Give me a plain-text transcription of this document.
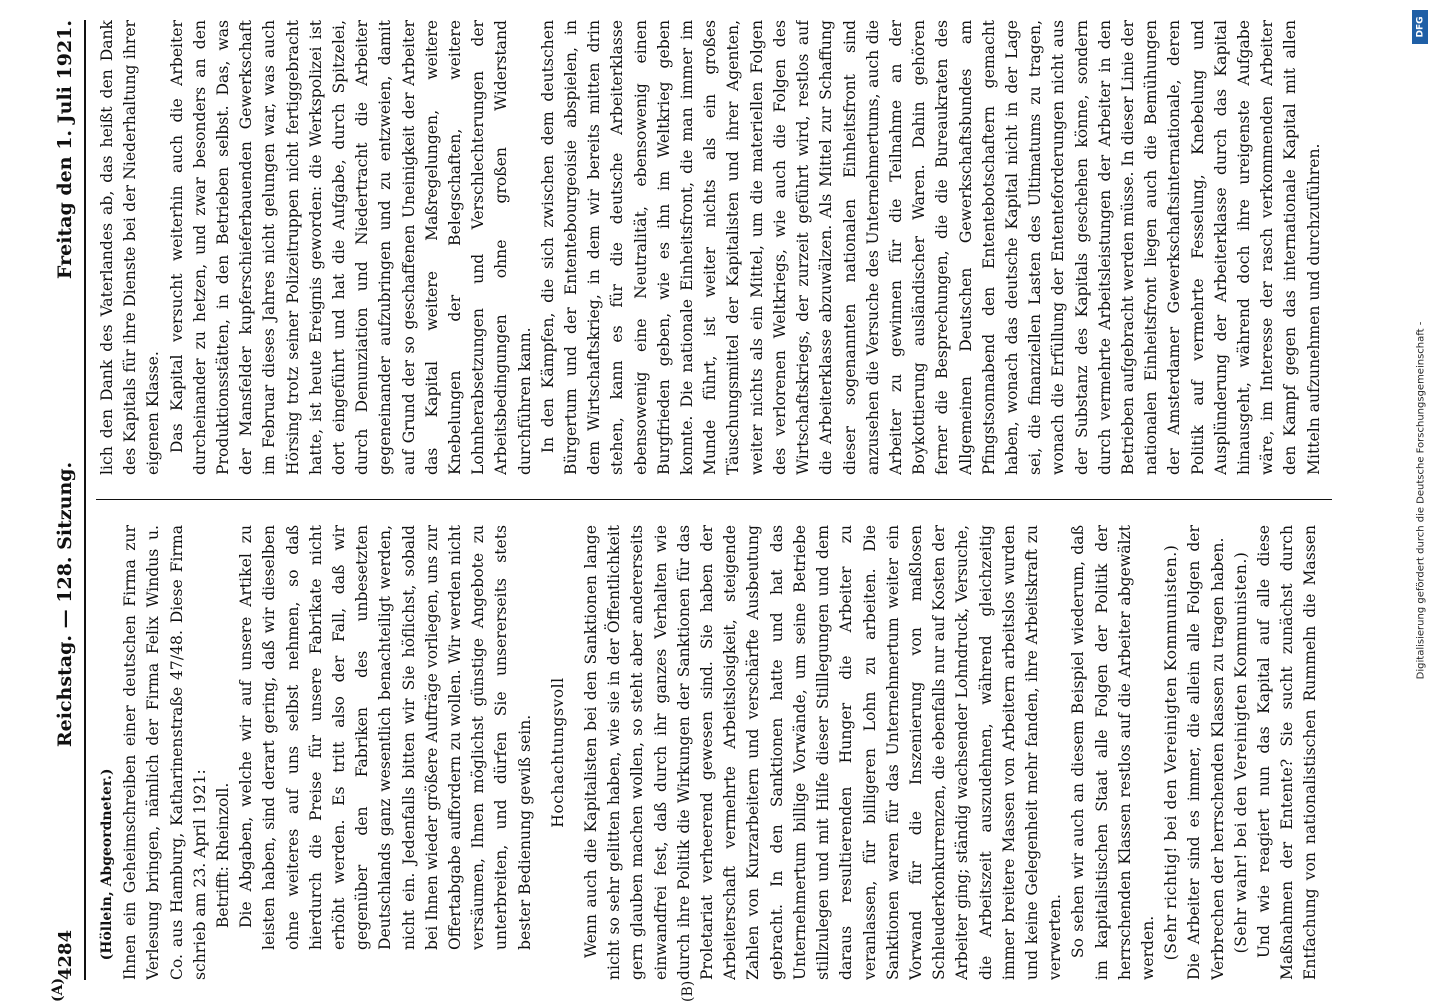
4284
Reichstag. — 128. Sitzung.
Freitag den 1. Juli 1921.
(A)	(B)

(Höllein, Abgeordneter.) Ihnen ein Geheimschreiben einer deutschen Firma zur Verlesung bringen, nämlich der Firma Felix Windus u. Co. aus Hamburg, Katharinenstraße 47/48. Diese Firma schrieb am 23. April 1921: Betrifft: Rheinzoll. Die Abgaben, welche wir auf unsere Artikel zu leisten haben, sind derart gering, daß wir dieselben ohne weiteres auf uns selbst nehmen, so daß hierdurch die Preise für unsere Fabrikate nicht erhöht werden. Es tritt also der Fall, daß wir gegenüber den Fabriken des unbesetzten Deutschlands ganz wesentlich benachteiligt werden, nicht ein. Jedenfalls bitten wir Sie höflichst, sobald bei Ihnen wieder größere Aufträge vorliegen, uns zur Offertabgabe auffordern zu wollen. Wir werden nicht versäumen, Ihnen möglichst günstige Angebote zu unterbreiten, und dürfen Sie unsererseits stets bester Bedienung gewiß sein. Hochachtungsvoll Wenn auch die Kapitalisten bei den Sanktionen lange nicht so sehr gelitten haben, wie sie in der Öffentlichkeit gern glauben machen wollen, so steht aber andererseits einwandfrei fest, daß durch ihr ganzes Verhalten wie durch ihre Politik die Wirkungen der Sanktionen für das Proletariat verheerend gewesen sind. Sie haben der Arbeiterschaft vermehrte Arbeitslosigkeit, steigende Zahlen von Kurzarbeitern und verschärfte Ausbeutung gebracht. In den Sanktionen hatte und hat das Unternehmertum billige Vorwände, um seine Betriebe stillzulegen und mit Hilfe dieser Stilllegungen und dem daraus resultierenden Hunger die Arbeiter zu veranlassen, für billigeren Lohn zu arbeiten. Die Sanktionen waren für das Unternehmertum weiter ein Vorwand für die Inszenierung von maßlosen Schleuderkonkurrenzen, die ebenfalls nur auf Kosten der Arbeiter ging; ständig wachsender Lohndruck, Versuche, die Arbeitszeit auszudehnen, während gleichzeitig immer breitere Massen von Arbeitern arbeitslos wurden und keine Gelegenheit mehr fanden, ihre Arbeitskraft zu verwerten. So sehen wir auch an diesem Beispiel wiederum, daß im kapitalistischen Staat alle Folgen der Politik der herrschenden Klassen restlos auf die Arbeiter abgewälzt werden. (Sehr richtig! bei den Vereinigten Kommunisten.) Die Arbeiter sind es immer, die allein alle Folgen der Verbrechen der herrschenden Klassen zu tragen haben. (Sehr wahr! bei den Vereinigten Kommunisten.) Und wie reagiert nun das Kapital auf alle diese Maßnahmen der Entente? Sie sucht zunächst durch Entfachung von nationalistischen Rummeln die Massen

lich den Dank des Vaterlandes ab, das heißt den Dank des Kapitals für ihre Dienste bei der Niederhaltung ihrer eigenen Klasse. Das Kapital versucht weiterhin auch die Arbeiter durcheinander zu hetzen, und zwar besonders an den Produktionsstätten, in den Betrieben selbst. Das, was der Mansfelder kupferschieferbauenden Gewerkschaft im Februar dieses Jahres nicht gelungen war, was auch Hörsing trotz seiner Polizeitruppen nicht fertiggebracht hatte, ist heute Ereignis geworden: die Werkspolizei ist dort eingeführt und hat die Aufgabe, durch Spitzelei, durch Denunziation und Niedertracht die Arbeiter gegeneinander aufzubringen und zu entzweien, damit auf Grund der so geschaffenen Uneinigkeit der Arbeiter das Kapital weitere Maßregelungen, weitere Knebelungen der Belegschaften, weitere Lohnherabsetzungen und Verschlechterungen der Arbeitsbedingungen ohne großen Widerstand durchführen kann. In den Kämpfen, die sich zwischen dem deutschen Bürgertum und der Ententebourgeoisie abspielen, in dem Wirtschaftskrieg, in dem wir bereits mitten drin stehen, kann es für die deutsche Arbeiterklasse ebensowenig eine Neutralität, ebensowenig einen Burgfrieden geben, wie es ihn im Weltkrieg geben konnte. Die nationale Einheitsfront, die man immer im Munde führt, ist weiter nichts als ein großes Täuschungsmittel der Kapitalisten und ihrer Agenten, weiter nichts als ein Mittel, um die materiellen Folgen des verlorenen Weltkriegs, wie auch die Folgen des Wirtschaftskriegs, der zurzeit geführt wird, restlos auf die Arbeiterklasse abzuwälzen. Als Mittel zur Schaffung dieser sogenannten nationalen Einheitsfront sind anzusehen die Versuche des Unternehmertums, auch die Arbeiter zu gewinnen für die Teilnahme an der Boykottierung ausländischer Waren. Dahin gehören ferner die Besprechungen, die die Bureaukraten des Allgemeinen Deutschen Gewerkschaftsbundes am Pfingstsonnabend den Ententebotschaftern gemacht haben, wonach das deutsche Kapital nicht in der Lage sei, die finanziellen Lasten des Ultimatums zu tragen, wonach die Erfüllung der Ententeforderungen nicht aus der Substanz des Kapitals geschehen könne, sondern durch vermehrte Arbeitsleistungen der Arbeiter in den Betrieben aufgebracht werden müsse. In dieser Linie der nationalen Einheitsfront liegen auch die Bemühungen der Amsterdamer Gewerkschaftsinternationale, deren Politik auf vermehrte Fesselung, Knebelung und Ausplünderung der Arbeiterklasse durch das Kapital hinausgeht, während doch ihre ureigenste Aufgabe wäre, im Interesse der rasch verkommenden Arbeiter den Kampf gegen das internationale Kapital mit allen Mitteln aufzunehmen und durchzuführen.

DFG
Digitalisierung gefördert durch die Deutsche Forschungsgemeinschaft -
